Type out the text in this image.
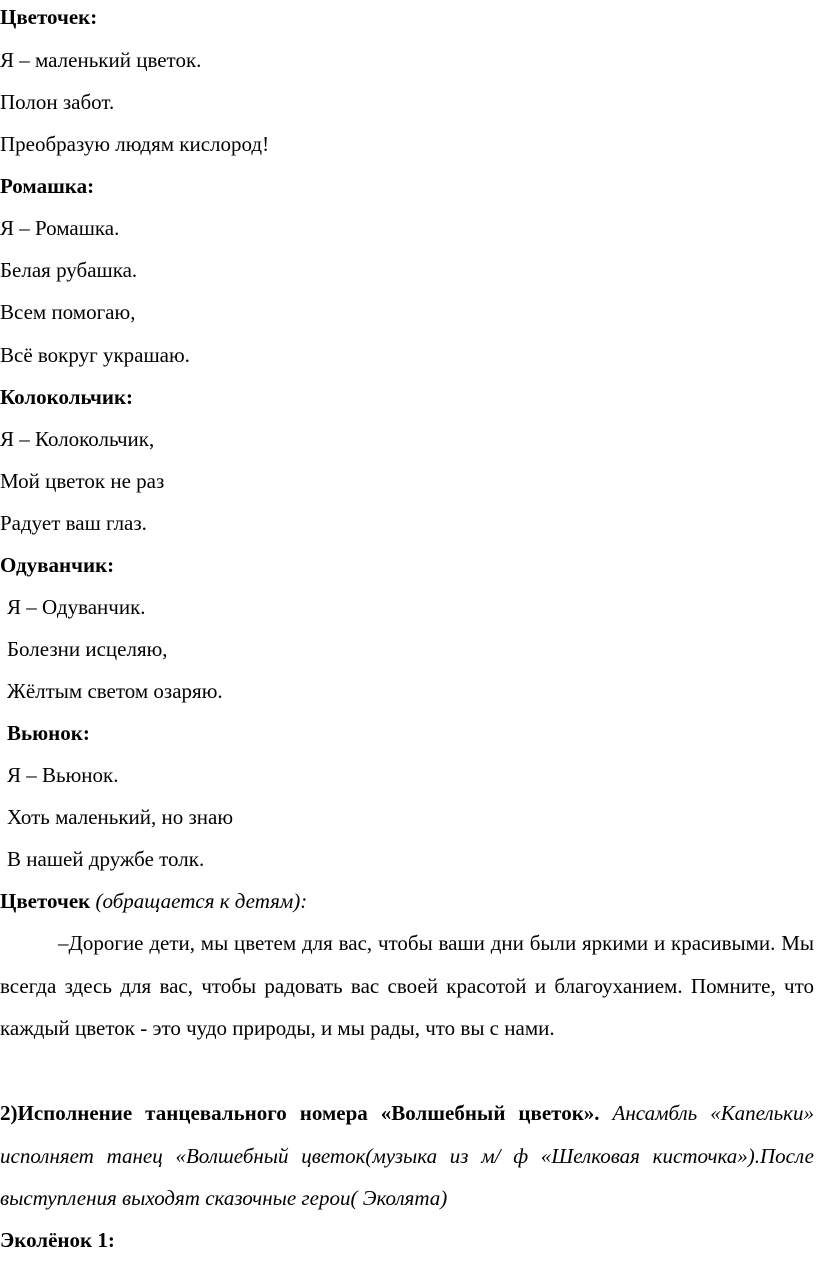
Цветочек:

Я – маленький цветок.

Полон забот.

Преобразую людям кислород!

Ромашка:

Я – Ромашка.

Белая рубашка.

Всем помогаю,

Всё вокруг украшаю.

Колокольчик:

Я – Колокольчик,

Мой цветок не раз

Радует ваш глаз.

Одуванчик:

Я – Одуванчик.

Болезни исцеляю,

Жёлтым светом озаряю.

Вьюнок:

Я – Вьюнок.

Хоть маленький, но знаю

В нашей дружбе толк.

Цветочек (обращается к детям):

–Дорогие дети, мы цветем для вас, чтобы ваши дни были яркими и красивыми. Мы всегда здесь для вас, чтобы радовать вас своей красотой и благоуханием. Помните, что каждый цветок - это чудо природы, и мы рады, что вы с нами.

2)Исполнение танцевального номера «Волшебный цветок». Ансамбль «Капельки» исполняет танец «Волшебный цветок(музыка из м/ ф «Шелковая кисточка»).После выступления выходят сказочные герои( Эколята)

Эколёнок 1:
